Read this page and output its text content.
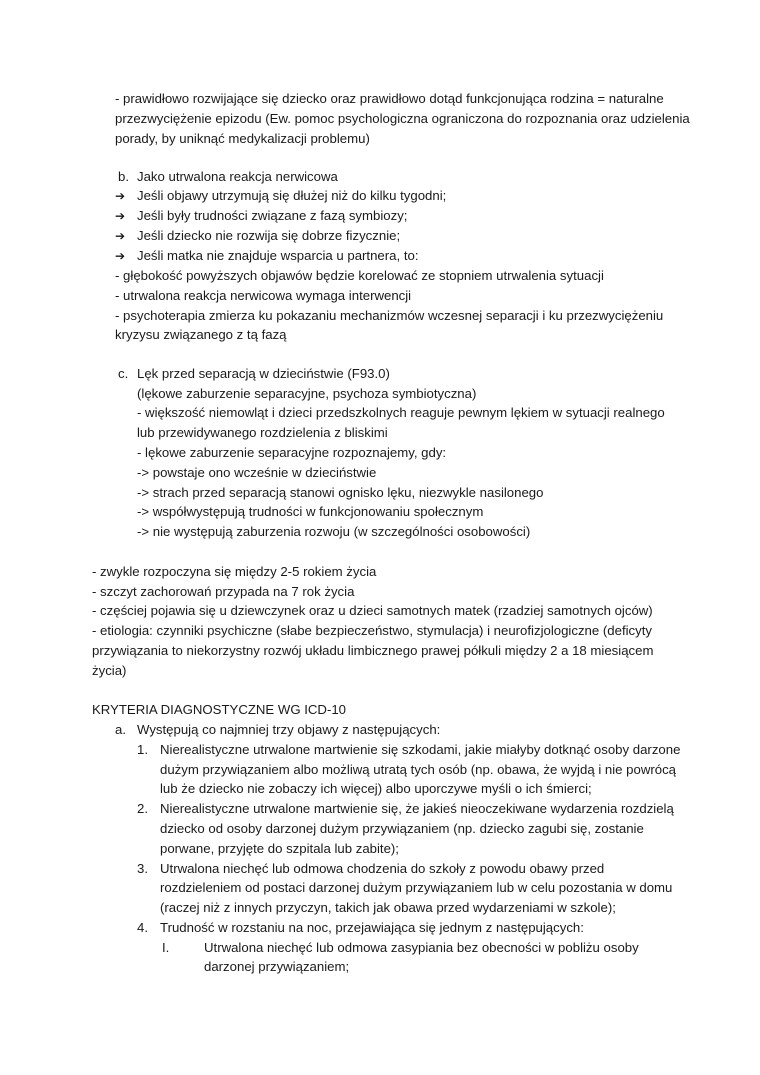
- prawidłowo rozwijające się dziecko oraz prawidłowo dotąd funkcjonująca rodzina = naturalne
przezwyciężenie epizodu (Ew. pomoc psychologiczna ograniczona do rozpoznania oraz udzielenia
porady, by uniknąć medykalizacji problemu)
b. Jako utrwalona reakcja nerwicowa
➔ Jeśli objawy utrzymują się dłużej niż do kilku tygodni;
➔ Jeśli były trudności związane z fazą symbiozy;
➔ Jeśli dziecko nie rozwija się dobrze fizycznie;
➔ Jeśli matka nie znajduje wsparcia u partnera, to:
- głębokość powyższych objawów będzie korelować ze stopniem utrwalenia sytuacji
- utrwalona reakcja nerwicowa wymaga interwencji
- psychoterapia zmierza ku pokazaniu mechanizmów wczesnej separacji i ku przezwyciężeniu
kryzysu związanego z tą fazą
c. Lęk przed separacją w dzieciństwie (F93.0)
(lękowe zaburzenie separacyjne, psychoza symbiotyczna)
- większość niemowląt i dzieci przedszkolnych reaguje pewnym lękiem w sytuacji realnego
lub przewidywanego rozdzielenia z bliskimi
- lękowe zaburzenie separacyjne rozpoznajemy, gdy:
-> powstaje ono wcześnie w dzieciństwie
-> strach przed separacją stanowi ognisko lęku, niezwykle nasilonego
-> współwystępują trudności w funkcjonowaniu społecznym
-> nie występują zaburzenia rozwoju (w szczególności osobowości)
- zwykle rozpoczyna się między 2-5 rokiem życia
- szczyt zachorowań przypada na 7 rok życia
- częściej pojawia się u dziewczynek oraz u dzieci samotnych matek (rzadziej samotnych ojców)
- etiologia: czynniki psychiczne (słabe bezpieczeństwo, stymulacja) i neurofizjologiczne (deficyty
przywiązania to niekorzystny rozwój układu limbicznego prawej półkuli między 2 a 18 miesiącem
życia)
KRYTERIA DIAGNOSTYCZNE WG ICD-10
a. Występują co najmniej trzy objawy z następujących:
1. Nierealistyczne utrwalone martwienie się szkodami, jakie miałyby dotknąć osoby darzone
dużym przywiązaniem albo możliwą utratą tych osób (np. obawa, że wyjdą i nie powrócą
lub że dziecko nie zobaczy ich więcej) albo uporczywe myśli o ich śmierci;
2. Nierealistyczne utrwalone martwienie się, że jakieś nieoczekiwane wydarzenia rozdzielą
dziecko od osoby darzonej dużym przywiązaniem (np. dziecko zagubi się, zostanie
porwane, przyjęte do szpitala lub zabite);
3. Utrwalona niechęć lub odmowa chodzenia do szkoły z powodu obawy przed
rozdzieleniem od postaci darzonej dużym przywiązaniem lub w celu pozostania w domu
(raczej niż z innych przyczyn, takich jak obawa przed wydarzeniami w szkole);
4. Trudność w rozstaniu na noc, przejawiająca się jednym z następujących:
I.	Utrwalona niechęć lub odmowa zasypiania bez obecności w pobliżu osoby
darzonej przywiązaniem;
